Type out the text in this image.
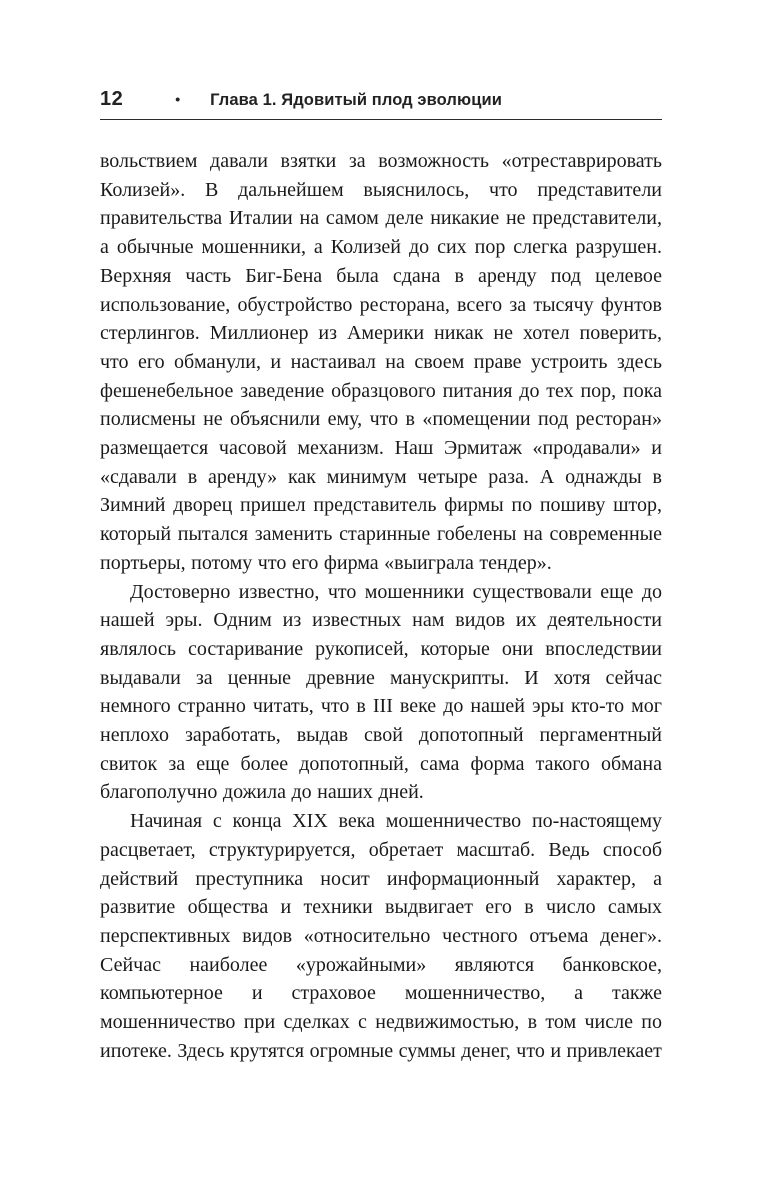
12	• Глава 1. Ядовитый плод эволюции

вольствием давали взятки за возможность «отреставрировать Колизей». В дальнейшем выяснилось, что представители правительства Италии на самом деле никакие не представители, а обычные мошенники, а Колизей до сих пор слегка разрушен. Верхняя часть Биг-Бена была сдана в аренду под целевое использование, обустройство ресторана, всего за тысячу фунтов стерлингов. Миллионер из Америки никак не хотел поверить, что его обманули, и настаивал на своем праве устроить здесь фешенебельное заведение образцового питания до тех пор, пока полисмены не объяснили ему, что в «помещении под ресторан» размещается часовой механизм. Наш Эрмитаж «продавали» и «сдавали в аренду» как минимум четыре раза. А однажды в Зимний дворец пришел представитель фирмы по пошиву штор, который пытался заменить старинные гобелены на современные портьеры, потому что его фирма «выиграла тендер».

Достоверно известно, что мошенники существовали еще до нашей эры. Одним из известных нам видов их деятельности являлось состаривание рукописей, которые они впоследствии выдавали за ценные древние манускрипты. И хотя сейчас немного странно читать, что в III веке до нашей эры кто-то мог неплохо заработать, выдав свой допотопный пергаментный свиток за еще более допотопный, сама форма такого обмана благополучно дожила до наших дней.

Начиная с конца XIX века мошенничество по-настоящему расцветает, структурируется, обретает масштаб. Ведь способ действий преступника носит информационный характер, а развитие общества и техники выдвигает его в число самых перспективных видов «относительно честного отъема денег». Сейчас наиболее «урожайными» являются банковское, компьютерное и страховое мошенничество, а также мошенничество при сделках с недвижимостью, в том числе по ипотеке. Здесь крутятся огромные суммы денег, что и привлекает
